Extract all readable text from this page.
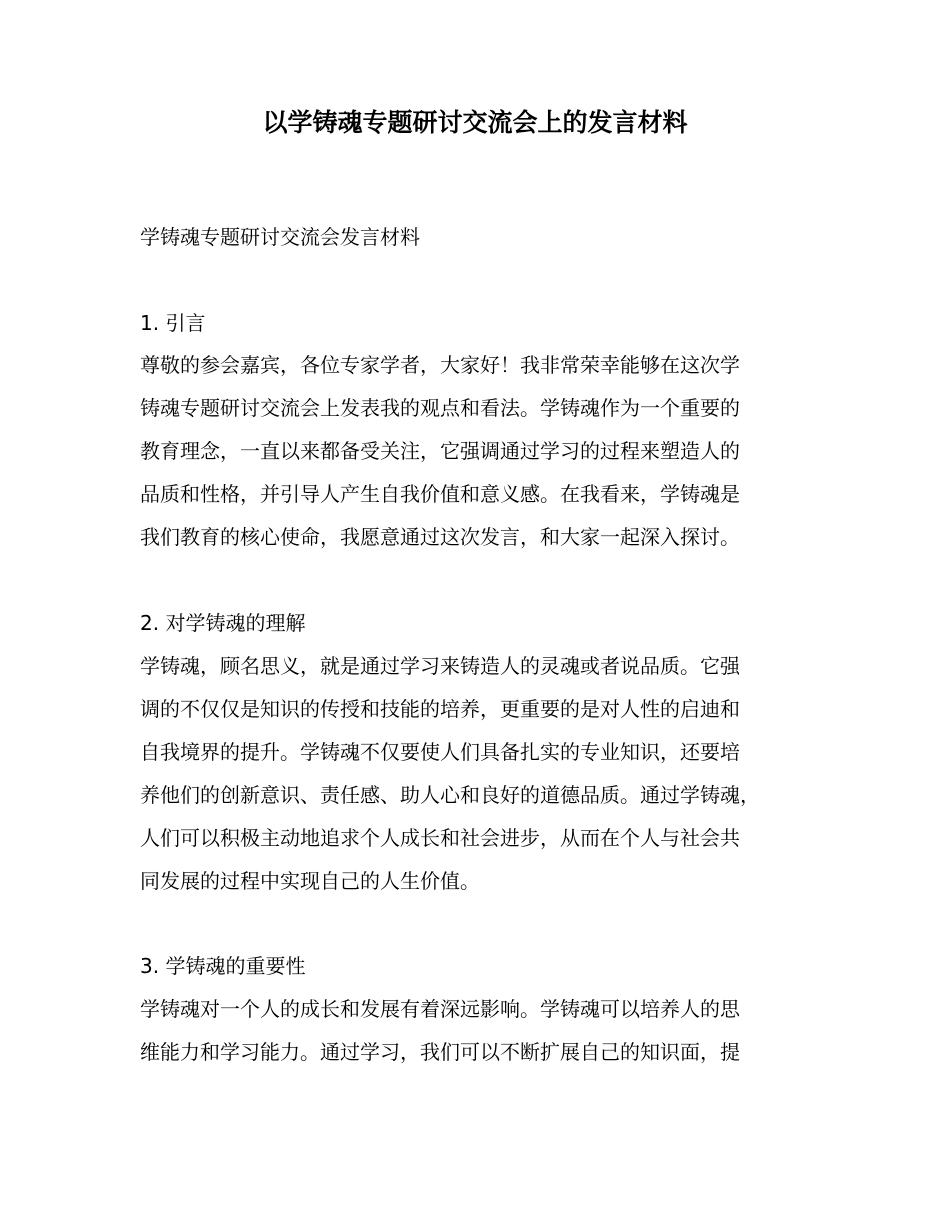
以学铸魂专题研讨交流会上的发言材料
学铸魂专题研讨交流会发言材料
1. 引言
尊敬的参会嘉宾，各位专家学者，大家好！我非常荣幸能够在这次学
铸魂专题研讨交流会上发表我的观点和看法。学铸魂作为一个重要的
教育理念，一直以来都备受关注，它强调通过学习的过程来塑造人的
品质和性格，并引导人产生自我价值和意义感。在我看来，学铸魂是
我们教育的核心使命，我愿意通过这次发言，和大家一起深入探讨。
2. 对学铸魂的理解
学铸魂，顾名思义，就是通过学习来铸造人的灵魂或者说品质。它强
调的不仅仅是知识的传授和技能的培养，更重要的是对人性的启迪和
自我境界的提升。学铸魂不仅要使人们具备扎实的专业知识，还要培
养他们的创新意识、责任感、助人心和良好的道德品质。通过学铸魂，
人们可以积极主动地追求个人成长和社会进步，从而在个人与社会共
同发展的过程中实现自己的人生价值。
3. 学铸魂的重要性
学铸魂对一个人的成长和发展有着深远影响。学铸魂可以培养人的思
维能力和学习能力。通过学习，我们可以不断扩展自己的知识面，提
